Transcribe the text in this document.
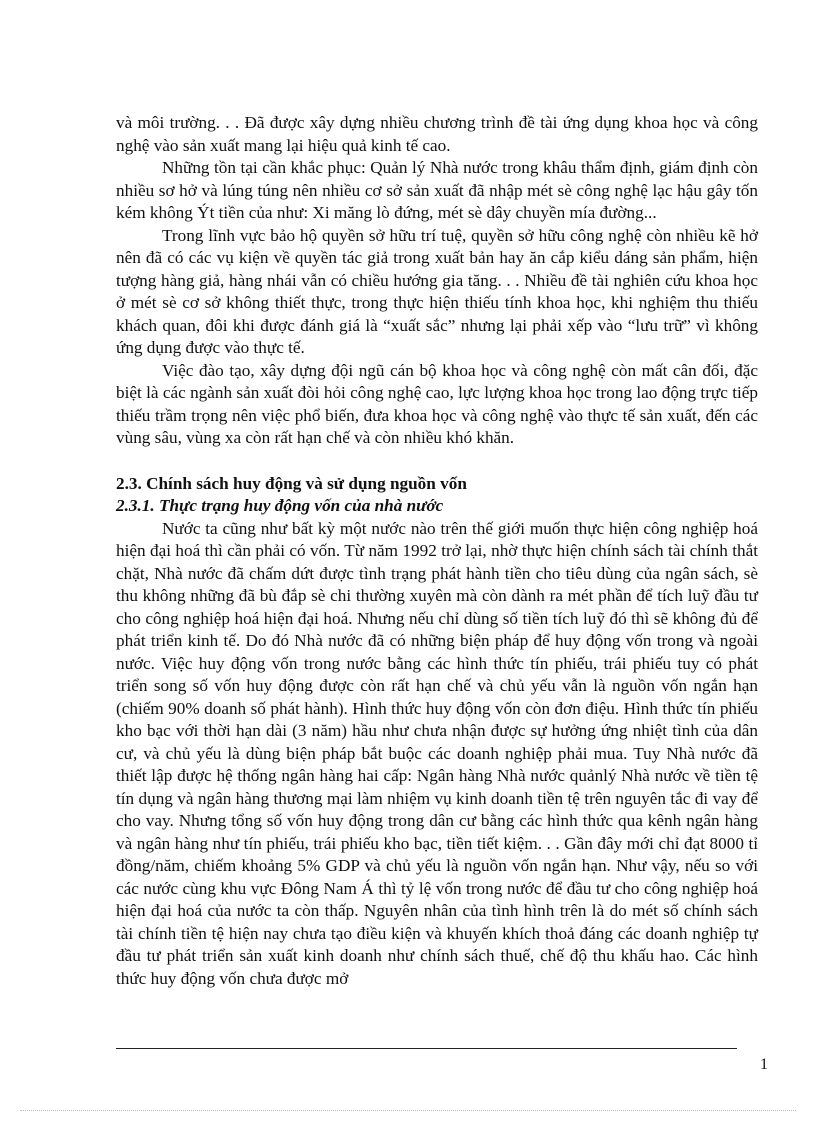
và môi trường. . . Đã được xây dựng nhiều chương trình đề tài ứng dụng khoa học và công nghệ vào sản xuất mang lại hiệu quả kinh tế cao.

Những tồn tại cần khắc phục: Quản lý Nhà nước trong khâu thẩm định, giám định còn nhiều sơ hở và lúng túng nên nhiều cơ sở sản xuất đã nhập mét sè công nghệ lạc hậu gây tốn kém không Ýt tiền của như: Xi măng lò đứng, mét sè dây chuyền mía đường...

Trong lĩnh vực bảo hộ quyền sở hữu trí tuệ, quyền sở hữu công nghệ còn nhiều kẽ hở nên đã có các vụ kiện về quyền tác giả trong xuất bản hay ăn cắp kiểu dáng sản phẩm, hiện tượng hàng giả, hàng nhái vẫn có chiều hướng gia tăng. . . Nhiều đề tài nghiên cứu khoa học ở mét sè cơ sở không thiết thực, trong thực hiện thiếu tính khoa học, khi nghiệm thu thiếu khách quan, đôi khi được đánh giá là “xuất sắc” nhưng lại phải xếp vào “lưu trữ” vì không ứng dụng được vào thực tế.

Việc đào tạo, xây dựng đội ngũ cán bộ khoa học và công nghệ còn mất cân đối, đặc biệt là các ngành sản xuất đòi hỏi công nghệ cao, lực lượng khoa học trong lao động trực tiếp thiếu trầm trọng nên việc phổ biến, đưa khoa học và công nghệ vào thực tế sản xuất, đến các vùng sâu, vùng xa còn rất hạn chế và còn nhiều khó khăn.

2.3. Chính sách huy động và sử dụng nguồn vốn

2.3.1. Thực trạng huy động vốn của nhà nước

Nước ta cũng như bất kỳ một nước nào trên thế giới muốn thực hiện công nghiệp hoá hiện đại hoá thì cần phải có vốn. Từ năm 1992 trở lại, nhờ thực hiện chính sách tài chính thắt chặt, Nhà nước đã chấm dứt được tình trạng phát hành tiền cho tiêu dùng của ngân sách, sè thu không những đã bù đắp sè chi thường xuyên mà còn dành ra mét phần để tích luỹ đầu tư cho công nghiệp hoá hiện đại hoá. Nhưng nếu chỉ dùng số tiền tích luỹ đó thì sẽ không đủ để phát triển kinh tế. Do đó Nhà nước đã có những biện pháp để huy động vốn trong và ngoài nước. Việc huy động vốn trong nước bằng các hình thức tín phiếu, trái phiếu tuy có phát triển song số vốn huy động được còn rất hạn chế và chủ yếu vẫn là nguồn vốn ngắn hạn (chiếm 90% doanh số phát hành). Hình thức huy động vốn còn đơn điệu. Hình thức tín phiếu kho bạc với thời hạn dài (3 năm) hầu như chưa nhận được sự hưởng ứng nhiệt tình của dân cư, và chủ yếu là dùng biện pháp bắt buộc các doanh nghiệp phải mua. Tuy Nhà nước đã thiết lập được hệ thống ngân hàng hai cấp: Ngân hàng Nhà nước quảnlý Nhà nước về tiền tệ tín dụng và ngân hàng thương mại làm nhiệm vụ kinh doanh tiền tệ trên nguyên tắc đi vay để cho vay. Nhưng tổng số vốn huy động trong dân cư bằng các hình thức qua kênh ngân hàng và ngân hàng như tín phiếu, trái phiếu kho bạc, tiền tiết kiệm. . . Gần đây mới chỉ đạt 8000 tỉ đồng/năm, chiếm khoảng 5% GDP và chủ yếu là nguồn vốn ngắn hạn. Như vậy, nếu so với các nước cùng khu vực Đông Nam Á thì tỷ lệ vốn trong nước để đầu tư cho công nghiệp hoá hiện đại hoá của nước ta còn thấp. Nguyên nhân của tình hình trên là do mét số chính sách tài chính tiền tệ hiện nay chưa tạo điều kiện và khuyến khích thoả đáng các doanh nghiệp tự đầu tư phát triển sản xuất kinh doanh như chính sách thuế, chế độ thu khấu hao. Các hình thức huy động vốn chưa được mở

1
